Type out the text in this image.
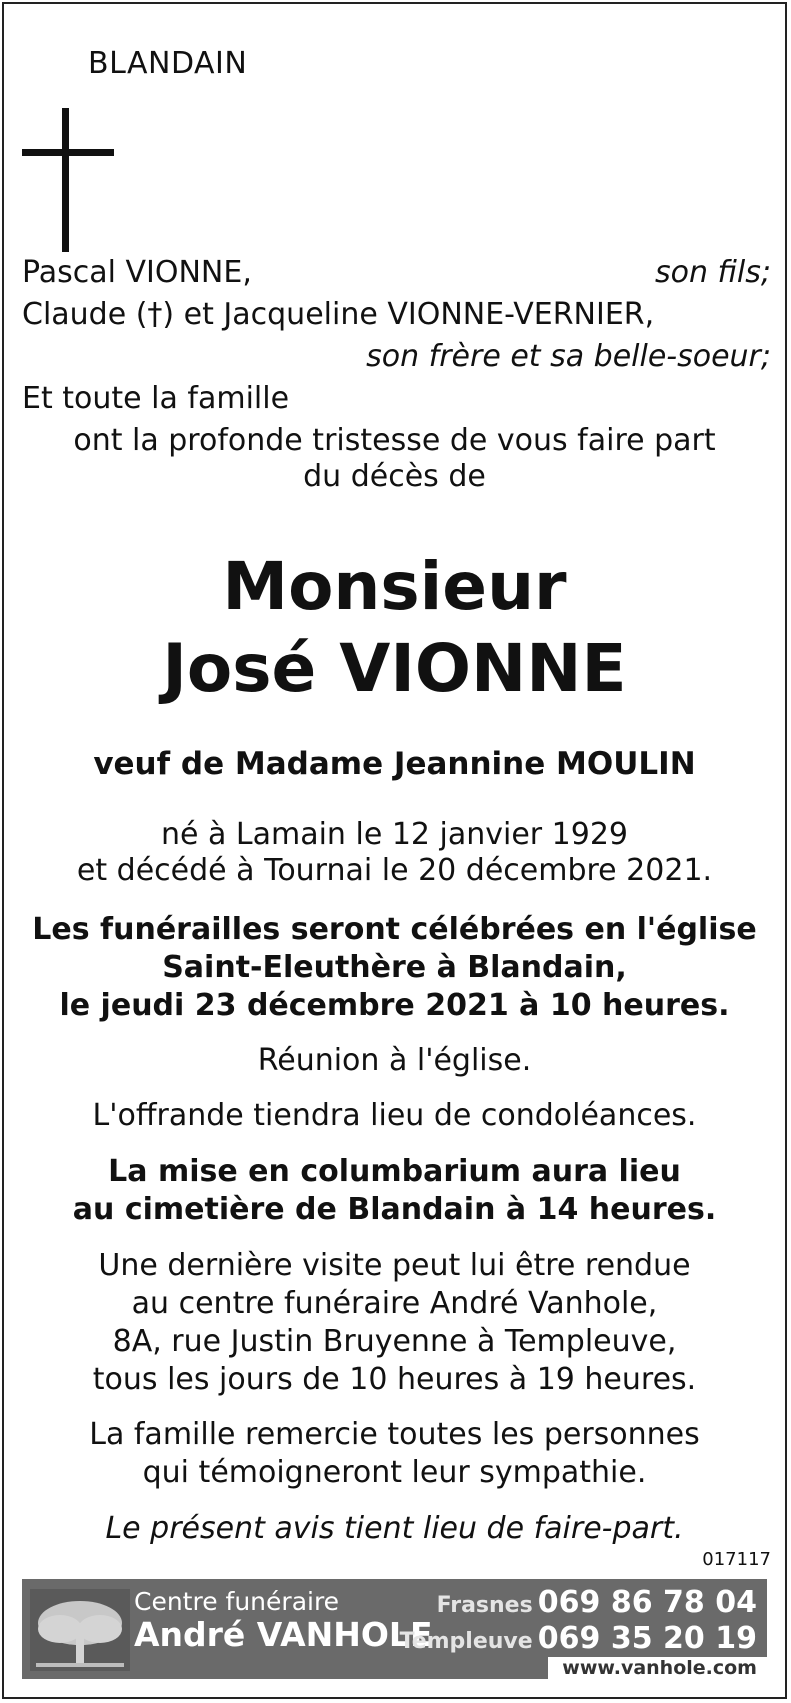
BLANDAIN
Pascal VIONNE,	son fils;
Claude (†) et Jacqueline VIONNE-VERNIER,
son frère et sa belle-soeur;
Et toute la famille
ont la profonde tristesse de vous faire part
du décès de
Monsieur
José VIONNE
veuf de Madame Jeannine MOULIN
né à Lamain le 12 janvier 1929
et décédé à Tournai le 20 décembre 2021.
Les funérailles seront célébrées en l'église
Saint-Eleuthère à Blandain,
le jeudi 23 décembre 2021 à 10 heures.
Réunion à l'église.
L'offrande tiendra lieu de condoléances.
La mise en columbarium aura lieu
au cimetière de Blandain à 14 heures.
Une dernière visite peut lui être rendue
au centre funéraire André Vanhole,
8A, rue Justin Bruyenne à Templeuve,
tous les jours de 10 heures à 19 heures.
La famille remercie toutes les personnes
qui témoigneront leur sympathie.
Le présent avis tient lieu de faire-part.
017117
Centre funéraire
André VANHOLE
Frasnes 069 86 78 04
Templeuve 069 35 20 19
www.vanhole.com
